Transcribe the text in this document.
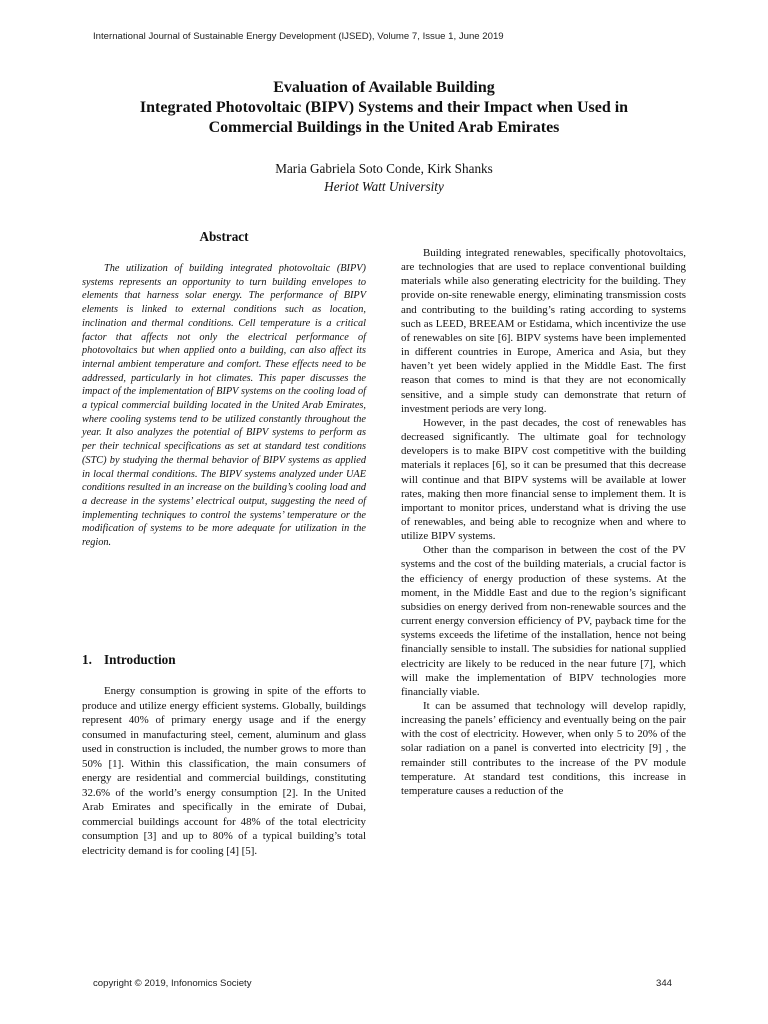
International Journal of Sustainable Energy Development (IJSED), Volume 7, Issue 1, June 2019
Evaluation of Available Building
Integrated Photovoltaic (BIPV) Systems and their Impact when Used in
Commercial Buildings in the United Arab Emirates
Maria Gabriela Soto Conde, Kirk Shanks
Heriot Watt University
Abstract
The utilization of building integrated photovoltaic (BIPV) systems represents an opportunity to turn building envelopes to elements that harness solar energy. The performance of BIPV elements is linked to external conditions such as location, inclination and thermal conditions. Cell temperature is a critical factor that affects not only the electrical performance of photovoltaics but when applied onto a building, can also affect its internal ambient temperature and comfort. These effects need to be addressed, particularly in hot climates. This paper discusses the impact of the implementation of BIPV systems on the cooling load of a typical commercial building located in the United Arab Emirates, where cooling systems tend to be utilized constantly throughout the year. It also analyzes the potential of BIPV systems to perform as per their technical specifications as set at standard test conditions (STC) by studying the thermal behavior of BIPV systems as applied in local thermal conditions. The BIPV systems analyzed under UAE conditions resulted in an increase on the building’s cooling load and a decrease in the systems’ electrical output, suggesting the need of implementing techniques to control the systems’ temperature or the modification of systems to be more adequate for utilization in the region.
1. Introduction
Energy consumption is growing in spite of the efforts to produce and utilize energy efficient systems. Globally, buildings represent 40% of primary energy usage and if the energy consumed in manufacturing steel, cement, aluminum and glass used in construction is included, the number grows to more than 50% [1]. Within this classification, the main consumers of energy are residential and commercial buildings, constituting 32.6% of the world’s energy consumption [2]. In the United Arab Emirates and specifically in the emirate of Dubai, commercial buildings account for 48% of the total electricity consumption [3] and up to 80% of a typical building’s total electricity demand is for cooling [4] [5].

Building integrated renewables, specifically photovoltaics, are technologies that are used to replace conventional building materials while also generating electricity for the building. They provide on-site renewable energy, eliminating transmission costs and contributing to the building’s rating according to systems such as LEED, BREEAM or Estidama, which incentivize the use of renewables on site [6]. BIPV systems have been implemented in different countries in Europe, America and Asia, but they haven’t yet been widely applied in the Middle East. The first reason that comes to mind is that they are not economically sensitive, and a simple study can demonstrate that return of investment periods are very long.

However, in the past decades, the cost of renewables has decreased significantly. The ultimate goal for technology developers is to make BIPV cost competitive with the building materials it replaces [6], so it can be presumed that this decrease will continue and that BIPV systems will be available at lower rates, making then more financial sense to implement them. It is important to monitor prices, understand what is driving the use of renewables, and being able to recognize when and where to utilize BIPV systems.

Other than the comparison in between the cost of the PV systems and the cost of the building materials, a crucial factor is the efficiency of energy production of these systems. At the moment, in the Middle East and due to the region’s significant subsidies on energy derived from non-renewable sources and the current energy conversion efficiency of PV, payback time for the systems exceeds the lifetime of the installation, hence not being financially sensible to install. The subsidies for national supplied electricity are likely to be reduced in the near future [7], which will make the implementation of BIPV technologies more financially viable.

It can be assumed that technology will develop rapidly, increasing the panels’ efficiency and eventually being on the pair with the cost of electricity. However, when only 5 to 20% of the solar radiation on a panel is converted into electricity [9] , the remainder still contributes to the increase of the PV module temperature. At standard test conditions, this increase in temperature causes a reduction of the

copyright © 2019, Infonomics Society	344
